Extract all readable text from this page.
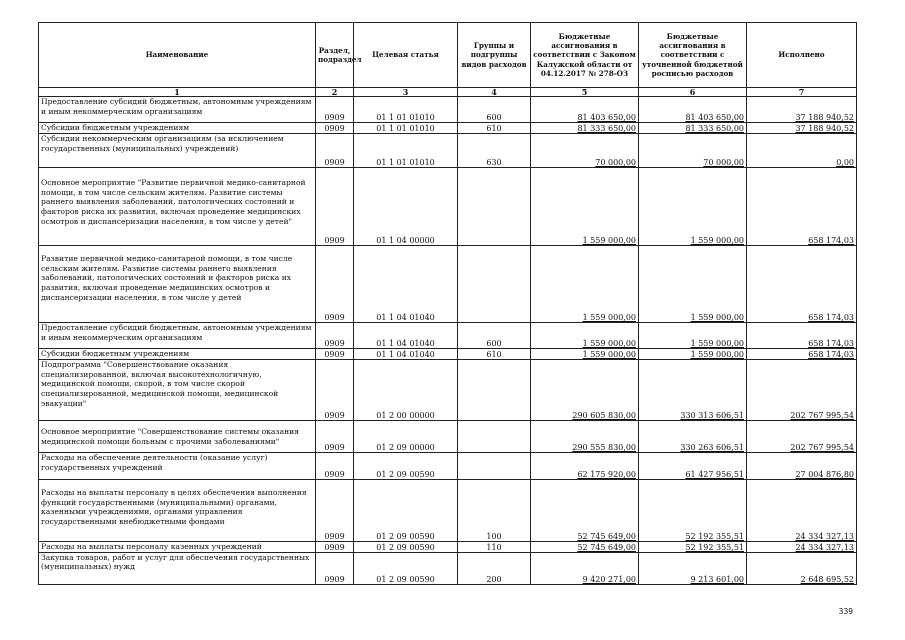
Наименование	Раздел, подраздел	Целевая статья	Группы и подгруппы видов расходов	Бюджетные ассигнования в соответствии с Законом Калужской области от 04.12.2017 № 278-ОЗ	Бюджетные ассигнования в соответствии с уточненной бюджетной росписью расходов	Исполнено
1	2	3	4	5	6	7
Предоставление субсидий бюджетным, автономным учреждениям и иным некоммерческим организациям	0909	01 1 01 01010	600	81 403 650,00	81 403 650,00	37 188 940,52
Субсидии бюджетным учреждениям	0909	01 1 01 01010	610	81 333 650,00	81 333 650,00	37 188 940,52
Субсидии некоммерческим организациям (за исключением государственных (муниципальных) учреждений)	0909	01 1 01 01010	630	70 000,00	70 000,00	0,00
Основное мероприятие "Развитие первичной медико-санитарной помощи, в том числе сельским жителям. Развитие системы раннего выявления заболеваний, патологических состояний и факторов риска их развития, включая проведение медицинских осмотров и диспансеризации населения, в том числе у детей"	0909	01 1 04 00000		1 559 000,00	1 559 000,00	658 174,03
Развитие первичной медико-санитарной помощи, в том числе сельским жителям. Развитие системы раннего выявления заболеваний, патологических состояний и факторов риска их развития, включая проведение медицинских осмотров и диспансеризации населения, в том числе у детей	0909	01 1 04 01040		1 559 000,00	1 559 000,00	658 174,03
Предоставление субсидий бюджетным, автономным учреждениям и иным некоммерческим организациям	0909	01 1 04 01040	600	1 559 000,00	1 559 000,00	658 174,03
Субсидии бюджетным учреждениям	0909	01 1 04 01040	610	1 559 000,00	1 559 000,00	658 174,03
Подпрограмма "Совершенствование оказания специализированной, включая высокотехнологичную, медицинской помощи, скорой, в том числе скорой специализированной, медицинской помощи, медицинской эвакуации"	0909	01 2 00 00000		290 605 830,00	330 313 606,51	202 767 995,54
Основное мероприятие "Совершенствование системы оказания медицинской помощи больным с прочими заболеваниями"	0909	01 2 09 00000		290 555 830,00	330 263 606,51	202 767 995,54
Расходы на обеспечение деятельности (оказание услуг) государственных учреждений	0909	01 2 09 00590		62 175 920,00	61 427 956,51	27 004 876,80
Расходы на выплаты персоналу в целях обеспечения выполнения функций государственными (муниципальными) органами, казенными учреждениями, органами управления государственными внебюджетными фондами	0909	01 2 09 00590	100	52 745 649,00	52 192 355,51	24 334 327,13
Расходы на выплаты персоналу казенных учреждений	0909	01 2 09 00590	110	52 745 649,00	52 192 355,51	24 334 327,13
Закупка товаров, работ и услуг для обеспечения государственных (муниципальных) нужд	0909	01 2 09 00590	200	9 420 271,00	9 213 601,00	2 648 695,52
339
